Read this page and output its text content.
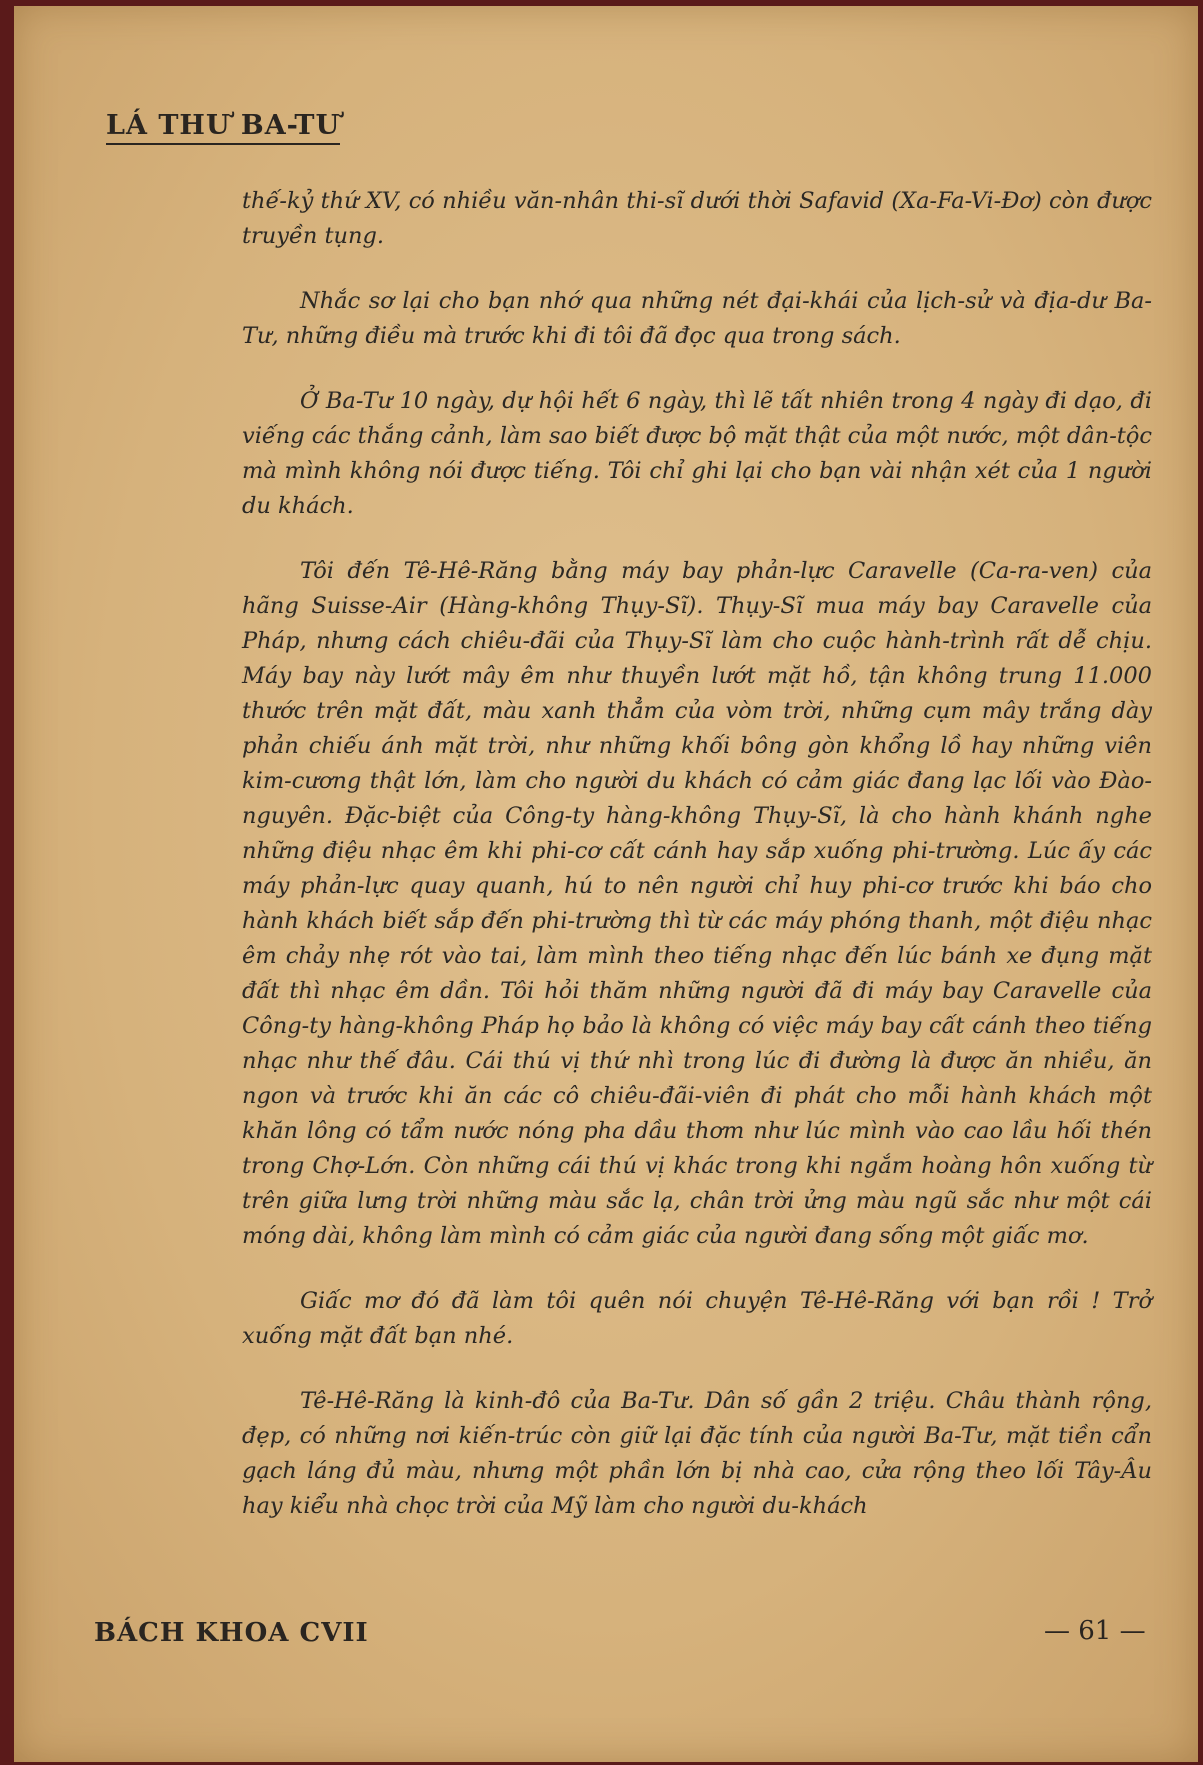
LÁ THƯ BA-TƯ

thế-kỷ thứ XV, có nhiều văn-nhân thi-sĩ dưới thời Safavid (Xa-Fa-Vi-Đơ) còn được truyền tụng.

Nhắc sơ lại cho bạn nhớ qua những nét đại-khái của lịch-sử và địa-dư Ba-Tư, những điều mà trước khi đi tôi đã đọc qua trong sách.

Ở Ba-Tư 10 ngày, dự hội hết 6 ngày, thì lẽ tất nhiên trong 4 ngày đi dạo, đi viếng các thắng cảnh, làm sao biết được bộ mặt thật của một nước, một dân-tộc mà mình không nói được tiếng. Tôi chỉ ghi lại cho bạn vài nhận xét của 1 người du khách.

Tôi đến Tê-Hê-Răng bằng máy bay phản-lực Caravelle (Ca-ra-ven) của hãng Suisse-Air (Hàng-không Thụy-Sĩ). Thụy-Sĩ mua máy bay Caravelle của Pháp, nhưng cách chiêu-đãi của Thụy-Sĩ làm cho cuộc hành-trình rất dễ chịu. Máy bay này lướt mây êm như thuyền lướt mặt hồ, tận không trung 11.000 thước trên mặt đất, màu xanh thẳm của vòm trời, những cụm mây trắng dày phản chiếu ánh mặt trời, như những khối bông gòn khổng lồ hay những viên kim-cương thật lớn, làm cho người du khách có cảm giác đang lạc lối vào Đào-nguyên. Đặc-biệt của Công-ty hàng-không Thụy-Sĩ, là cho hành khánh nghe những điệu nhạc êm khi phi-cơ cất cánh hay sắp xuống phi-trường. Lúc ấy các máy phản-lực quay quanh, hú to nên người chỉ huy phi-cơ trước khi báo cho hành khách biết sắp đến phi-trường thì từ các máy phóng thanh, một điệu nhạc êm chảy nhẹ rót vào tai, làm mình theo tiếng nhạc đến lúc bánh xe đụng mặt đất thì nhạc êm dần. Tôi hỏi thăm những người đã đi máy bay Caravelle của Công-ty hàng-không Pháp họ bảo là không có việc máy bay cất cánh theo tiếng nhạc như thế đâu. Cái thú vị thứ nhì trong lúc đi đường là được ăn nhiều, ăn ngon và trước khi ăn các cô chiêu-đãi-viên đi phát cho mỗi hành khách một khăn lông có tẩm nước nóng pha dầu thơm như lúc mình vào cao lầu hối thén trong Chợ-Lớn. Còn những cái thú vị khác trong khi ngắm hoàng hôn xuống từ trên giữa lưng trời những màu sắc lạ, chân trời ửng màu ngũ sắc như một cái móng dài, không làm mình có cảm giác của người đang sống một giấc mơ.

Giấc mơ đó đã làm tôi quên nói chuyện Tê-Hê-Răng với bạn rồi ! Trở xuống mặt đất bạn nhé.

Tê-Hê-Răng là kinh-đô của Ba-Tư. Dân số gần 2 triệu. Châu thành rộng, đẹp, có những nơi kiến-trúc còn giữ lại đặc tính của người Ba-Tư, mặt tiền cẩn gạch láng đủ màu, nhưng một phần lớn bị nhà cao, cửa rộng theo lối Tây-Âu hay kiểu nhà chọc trời của Mỹ làm cho người du-khách

BÁCH KHOA CVII	— 61 —
